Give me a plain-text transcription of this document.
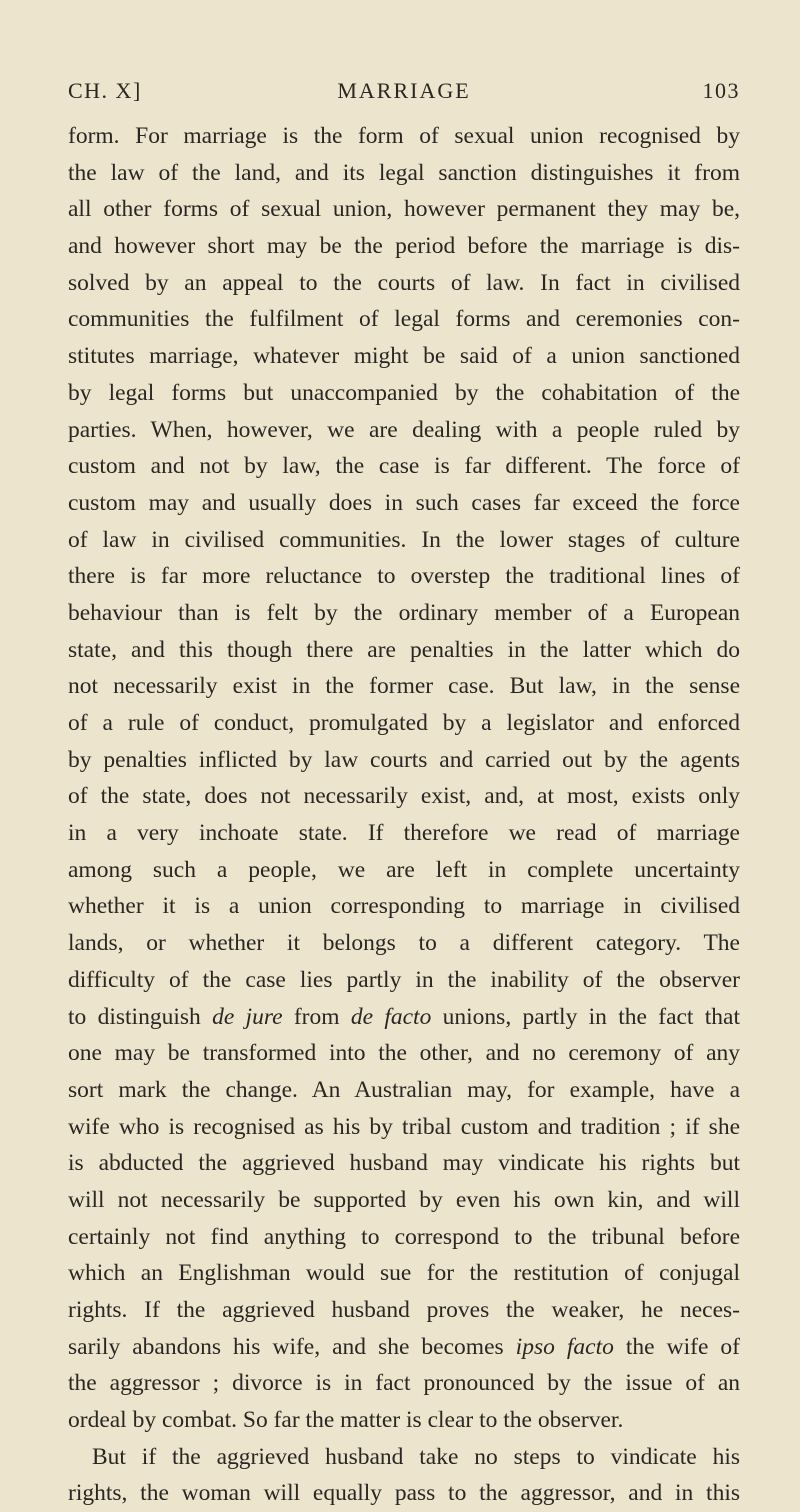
CH. X]	MARRIAGE	103
form. For marriage is the form of sexual union recognised by
the law of the land, and its legal sanction distinguishes it from
all other forms of sexual union, however permanent they may be,
and however short may be the period before the marriage is dis-
solved by an appeal to the courts of law. In fact in civilised
communities the fulfilment of legal forms and ceremonies con-
stitutes marriage, whatever might be said of a union sanctioned
by legal forms but unaccompanied by the cohabitation of the
parties. When, however, we are dealing with a people ruled by
custom and not by law, the case is far different. The force of
custom may and usually does in such cases far exceed the force
of law in civilised communities. In the lower stages of culture
there is far more reluctance to overstep the traditional lines of
behaviour than is felt by the ordinary member of a European
state, and this though there are penalties in the latter which do
not necessarily exist in the former case. But law, in the sense
of a rule of conduct, promulgated by a legislator and enforced
by penalties inflicted by law courts and carried out by the agents
of the state, does not necessarily exist, and, at most, exists only
in a very inchoate state. If therefore we read of marriage
among such a people, we are left in complete uncertainty
whether it is a union corresponding to marriage in civilised
lands, or whether it belongs to a different category. The
difficulty of the case lies partly in the inability of the observer
to distinguish de jure from de facto unions, partly in the fact that
one may be transformed into the other, and no ceremony of any
sort mark the change. An Australian may, for example, have a
wife who is recognised as his by tribal custom and tradition ; if she
is abducted the aggrieved husband may vindicate his rights but
will not necessarily be supported by even his own kin, and will
certainly not find anything to correspond to the tribunal before
which an Englishman would sue for the restitution of conjugal
rights. If the aggrieved husband proves the weaker, he neces-
sarily abandons his wife, and she becomes ipso facto the wife of
the aggressor ; divorce is in fact pronounced by the issue of an
ordeal by combat. So far the matter is clear to the observer.
But if the aggrieved husband take no steps to vindicate his
rights, the woman will equally pass to the aggressor, and in this
